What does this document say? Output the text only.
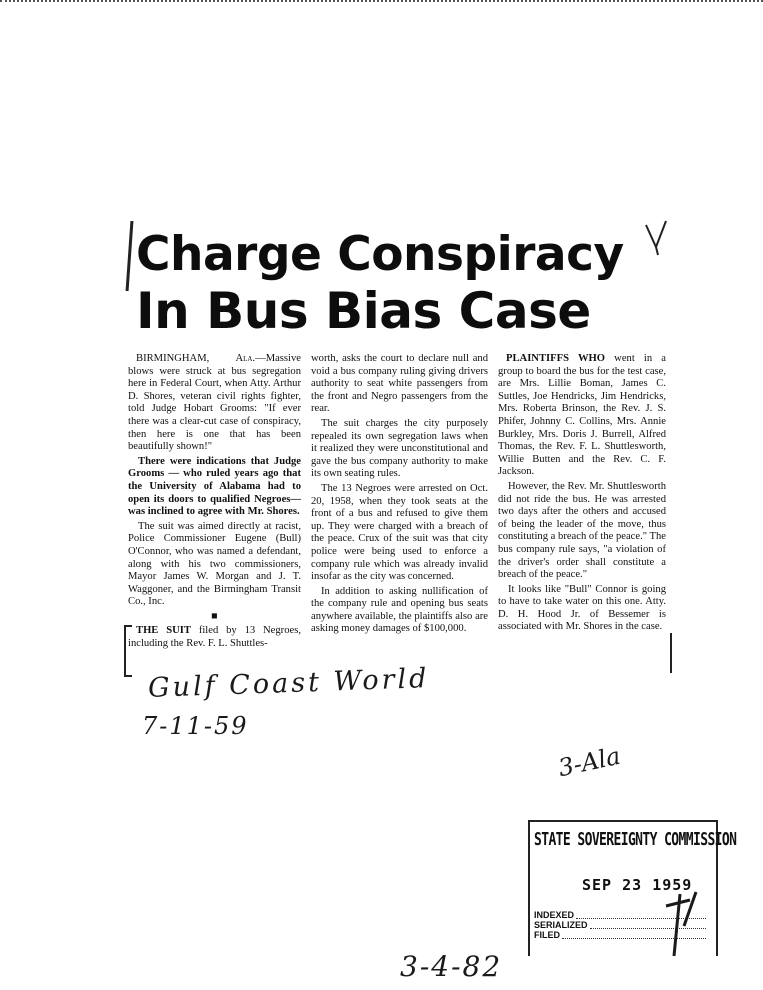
Charge Conspiracy
In Bus Bias Case

BIRMINGHAM, Ala.—Massive blows were struck at bus segregation here in Federal Court, when Atty. Arthur D. Shores, veteran civil rights fighter, told Judge Hobart Grooms: "If ever there was a clear-cut case of conspiracy, then here is one that has been beautifully shown!"

There were indications that Judge Grooms — who ruled years ago that the University of Alabama had to open its doors to qualified Negroes—was inclined to agree with Mr. Shores.

The suit was aimed directly at racist, Police Commissioner Eugene (Bull) O'Connor, who was named a defendant, along with his two commissioners, Mayor James W. Morgan and J. T. Waggoner, and the Birmingham Transit Co., Inc.

■

THE SUIT filed by 13 Negroes, including the Rev. F. L. Shuttles-

worth, asks the court to declare null and void a bus company ruling giving drivers authority to seat white passengers from the front and Negro passengers from the rear.

The suit charges the city purposely repealed its own segregation laws when it realized they were unconstitutional and gave the bus company authority to make its own seating rules.

The 13 Negroes were arrested on Oct. 20, 1958, when they took seats at the front of a bus and refused to give them up. They were charged with a breach of the peace. Crux of the suit was that city police were being used to enforce a company rule which was already invalid insofar as the city was concerned.

In addition to asking nullification of the company rule and opening bus seats anywhere available, the plaintiffs also are asking money damages of $100,000.

PLAINTIFFS WHO went in a group to board the bus for the test case, are Mrs. Lillie Boman, James C. Suttles, Joe Hendricks, Jim Hendricks, Mrs. Roberta Brinson, the Rev. J. S. Phifer, Johnny C. Collins, Mrs. Annie Burkley, Mrs. Doris J. Burrell, Alfred Thomas, the Rev. F. L. Shuttlesworth, Willie Butten and the Rev. C. F. Jackson.

However, the Rev. Mr. Shuttlesworth did not ride the bus. He was arrested two days after the others and accused of being the leader of the move, thus constituting a breach of the peace." The bus company rule says, "a violation of the driver's order shall constitute a breach of the peace."

It looks like "Bull" Connor is going to have to take water on this one. Atty. D. H. Hood Jr. of Bessemer is associated with Mr. Shores in the case.

Gulf Coast World
7-11-59
3-Ala
3-4-82
STATE SOVEREIGNTY COMMISSION
SEP 23 1959
INDEXED
SERIALIZED
FILED
